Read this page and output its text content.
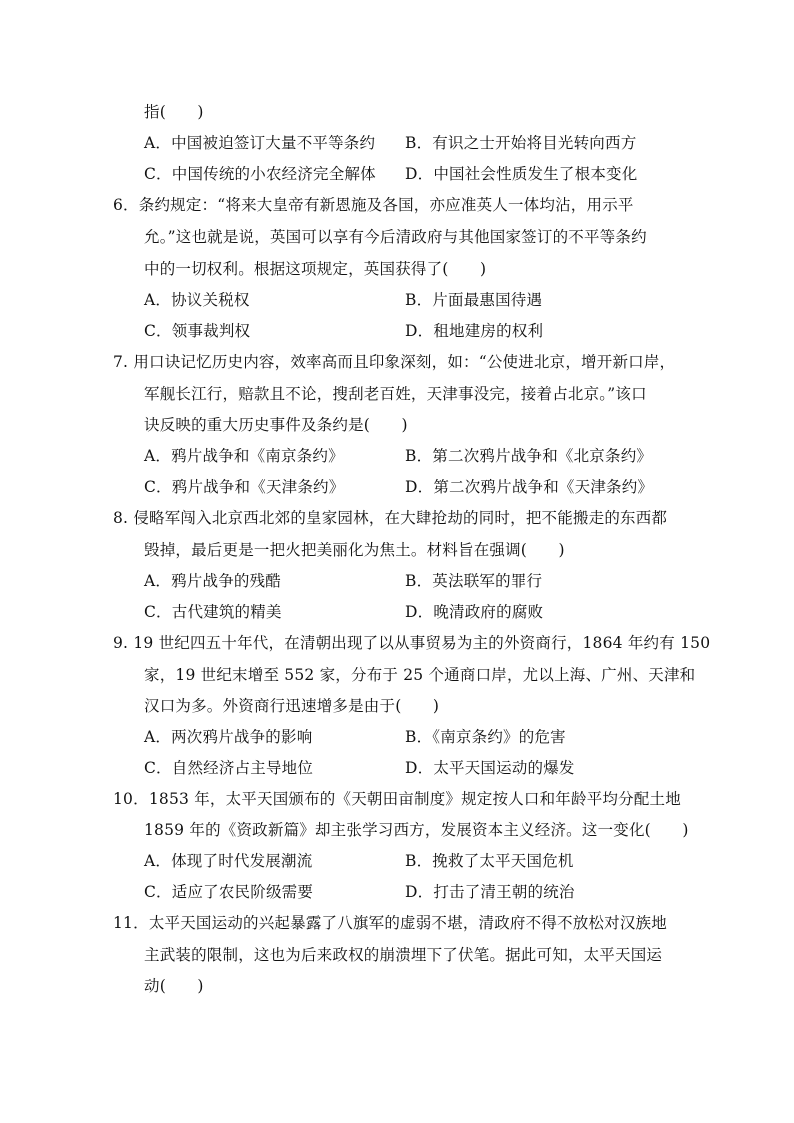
指(　　)
A．中国被迫签订大量不平等条约 B．有识之士开始将目光转向西方
C．中国传统的小农经济完全解体 D．中国社会性质发生了根本变化
6．条约规定：“将来大皇帝有新恩施及各国，亦应准英人一体均沾，用示平
允。”这也就是说，英国可以享有今后清政府与其他国家签订的不平等条约
中的一切权利。根据这项规定，英国获得了(　　)
A．协议关税权	B．片面最惠国待遇
C．领事裁判权	D．租地建房的权利
7. 用口诀记忆历史内容，效率高而且印象深刻，如：“公使进北京，增开新口岸，
军舰长江行，赔款且不论，搜刮老百姓，天津事没完，接着占北京。”该口
诀反映的重大历史事件及条约是(　　)
A．鸦片战争和《南京条约》	B．第二次鸦片战争和《北京条约》
C．鸦片战争和《天津条约》	D．第二次鸦片战争和《天津条约》
8. 侵略军闯入北京西北郊的皇家园林，在大肆抢劫的同时，把不能搬走的东西都
毁掉，最后更是一把火把美丽化为焦土。材料旨在强调(　　)
A．鸦片战争的残酷	B．英法联军的罪行
C．古代建筑的精美	D．晚清政府的腐败
9. 19 世纪四五十年代，在清朝出现了以从事贸易为主的外资商行，1864 年约有 150
家，19 世纪末增至 552 家，分布于 25 个通商口岸，尤以上海、广州、天津和
汉口为多。外资商行迅速增多是由于(　　)
A．两次鸦片战争的影响	B．《南京条约》的危害
C．自然经济占主导地位	D．太平天国运动的爆发
10．1853 年，太平天国颁布的《天朝田亩制度》规定按人口和年龄平均分配土地
1859 年的《资政新篇》却主张学习西方，发展资本主义经济。这一变化(　　)
A．体现了时代发展潮流	B．挽救了太平天国危机
C．适应了农民阶级需要	D．打击了清王朝的统治
11．太平天国运动的兴起暴露了八旗军的虚弱不堪，清政府不得不放松对汉族地
主武装的限制，这也为后来政权的崩溃埋下了伏笔。据此可知，太平天国运
动(　　)
